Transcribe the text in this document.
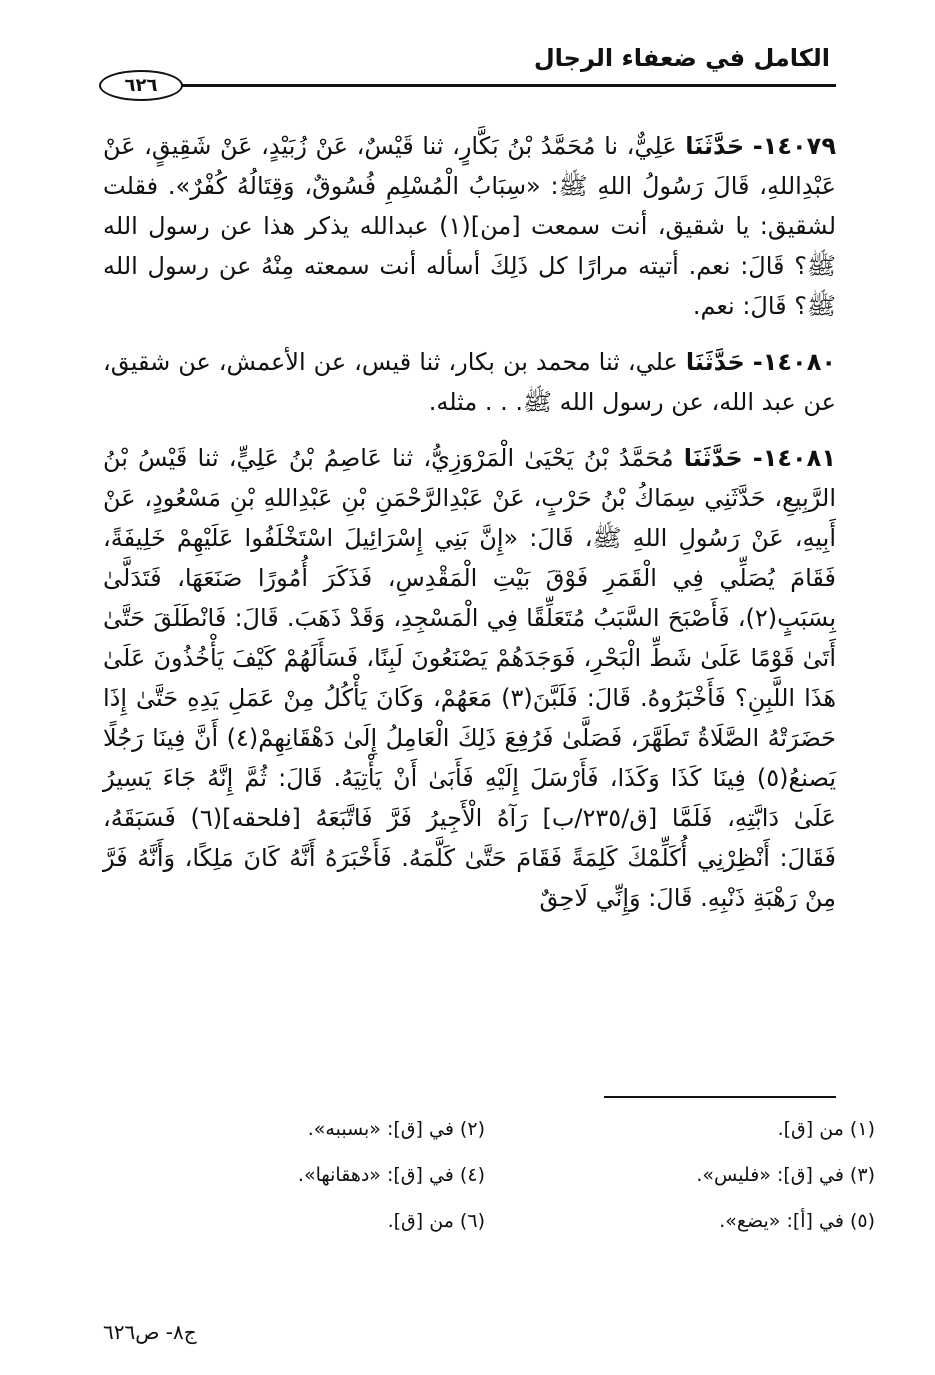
الكامل في ضعفاء الرجال
٦٢٦

١٤٠٧٩- حَدَّثَنَا عَلِيٌّ، نا مُحَمَّدُ بْنُ بَكَّارٍ، ثنا قَيْسٌ، عَنْ زُبَيْدٍ، عَنْ شَقِيقٍ، عَنْ عَبْدِاللهِ، قَالَ رَسُولُ اللهِ ﷺ: «سِبَابُ الْمُسْلِمِ فُسُوقٌ، وَقِتَالُهُ كُفْرٌ». فقلت لشقيق: يا شقيق، أنت سمعت [من](١) عبدالله يذكر هذا عن رسول الله ﷺ؟ قَالَ: نعم. أتيته مرارًا كل ذَلِكَ أسأله أنت سمعته مِنْهُ عن رسول الله ﷺ؟ قَالَ: نعم.

١٤٠٨٠- حَدَّثَنَا علي، ثنا محمد بن بكار، ثنا قيس، عن الأعمش، عن شقيق، عن عبد الله، عن رسول الله ﷺ. . . مثله.

١٤٠٨١- حَدَّثَنَا مُحَمَّدُ بْنُ يَحْيَىٰ الْمَرْوَزِيُّ، ثنا عَاصِمُ بْنُ عَلِيٍّ، ثنا قَيْسُ بْنُ الرَّبِيعِ، حَدَّثَنِي سِمَاكُ بْنُ حَرْبٍ، عَنْ عَبْدِالرَّحْمَنِ بْنِ عَبْدِاللهِ بْنِ مَسْعُودٍ، عَنْ أَبِيهِ، عَنْ رَسُولِ اللهِ ﷺ، قَالَ: «إِنَّ بَنِي إِسْرَائِيلَ اسْتَخْلَفُوا عَلَيْهِمْ خَلِيفَةً، فَقَامَ يُصَلِّي فِي الْقَمَرِ فَوْقَ بَيْتِ الْمَقْدِسِ، فَذَكَرَ أُمُورًا صَنَعَهَا، فَتَدَلَّىٰ بِسَبَبٍ(٢)، فَأَصْبَحَ السَّبَبُ مُتَعَلِّقًا فِي الْمَسْجِدِ، وَقَدْ ذَهَبَ. قَالَ: فَانْطَلَقَ حَتَّىٰ أَتَىٰ قَوْمًا عَلَىٰ شَطِّ الْبَحْرِ، فَوَجَدَهُمْ يَصْنَعُونَ لَبِنًا، فَسَأَلَهُمْ كَيْفَ يَأْخُذُونَ عَلَىٰ هَذَا اللَّبِنِ؟ فَأَخْبَرُوهُ. قَالَ: فَلَبَّنَ(٣) مَعَهُمْ، وَكَانَ يَأْكُلُ مِنْ عَمَلِ يَدِهِ حَتَّىٰ إِذَا حَضَرَتْهُ الصَّلَاةُ تَطَهَّرَ، فَصَلَّىٰ فَرُفِعَ ذَلِكَ الْعَامِلُ إِلَىٰ دَهْقَانِهِمْ(٤) أَنَّ فِينَا رَجُلًا يَصنعُ(٥) فِينَا كَذَا وَكَذَا، فَأَرْسَلَ إِلَيْهِ فَأَبَىٰ أَنْ يَأْتِيَهُ. قَالَ: ثُمَّ إِنَّهُ جَاءَ يَسِيرُ عَلَىٰ دَابَّتِهِ، فَلَمَّا [ق/٢٣٥/ب] رَآهُ الْأَجِيرُ فَرَّ فَاتَّبَعَهُ [فلحقه](٦) فَسَبَقَهُ، فَقَالَ: أَنْظِرْنِي أُكَلِّمْكَ كَلِمَةً فَقَامَ حَتَّىٰ كَلَّمَهُ. فَأَخْبَرَهُ أَنَّهُ كَانَ مَلِكًا، وَأَنَّهُ فَرَّ مِنْ رَهْبَةِ ذَنْبِهِ. قَالَ: وَإِنِّي لَاحِقٌ

(١) من [ق].
(٢) في [ق]: «بسببه».
(٣) في [ق]: «فليس».
(٤) في [ق]: «دهقانها».
(٥) في [أ]: «يضع».
(٦) من [ق].
ج٨- ص٦٢٦
